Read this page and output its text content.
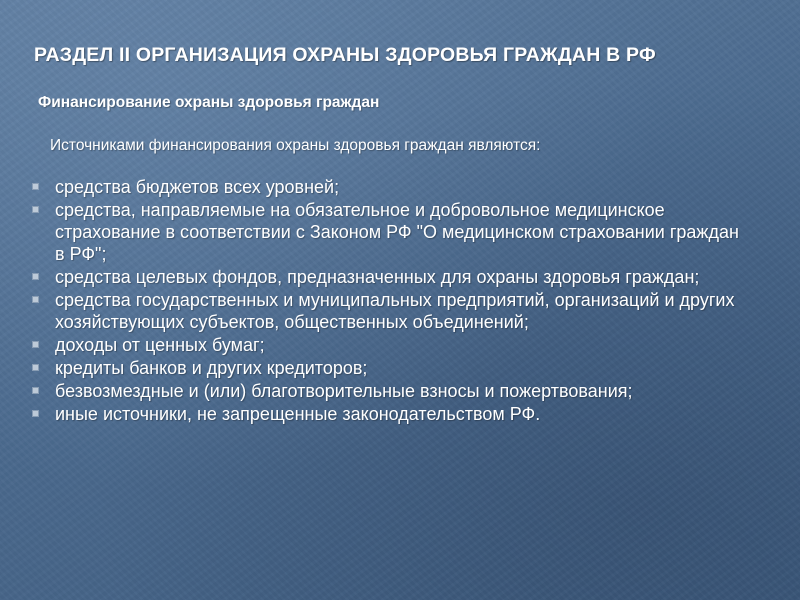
РАЗДЕЛ II ОРГАНИЗАЦИЯ ОХРАНЫ ЗДОРОВЬЯ ГРАЖДАН В РФ
Финансирование охраны здоровья граждан

Источниками финансирования охраны здоровья граждан являются:

средства бюджетов всех уровней;
средства, направляемые на обязательное и добровольное медицинское страхование в соответствии с Законом РФ "О медицинском страховании граждан в РФ";
средства целевых фондов, предназначенных для охраны здоровья граждан;
средства государственных и муниципальных предприятий, организаций и других хозяйствующих субъектов, общественных объединений;
доходы от ценных бумаг;
кредиты банков и других кредиторов;
безвозмездные и (или) благотворительные взносы и пожертвования;
иные источники, не запрещенные законодательством РФ.
